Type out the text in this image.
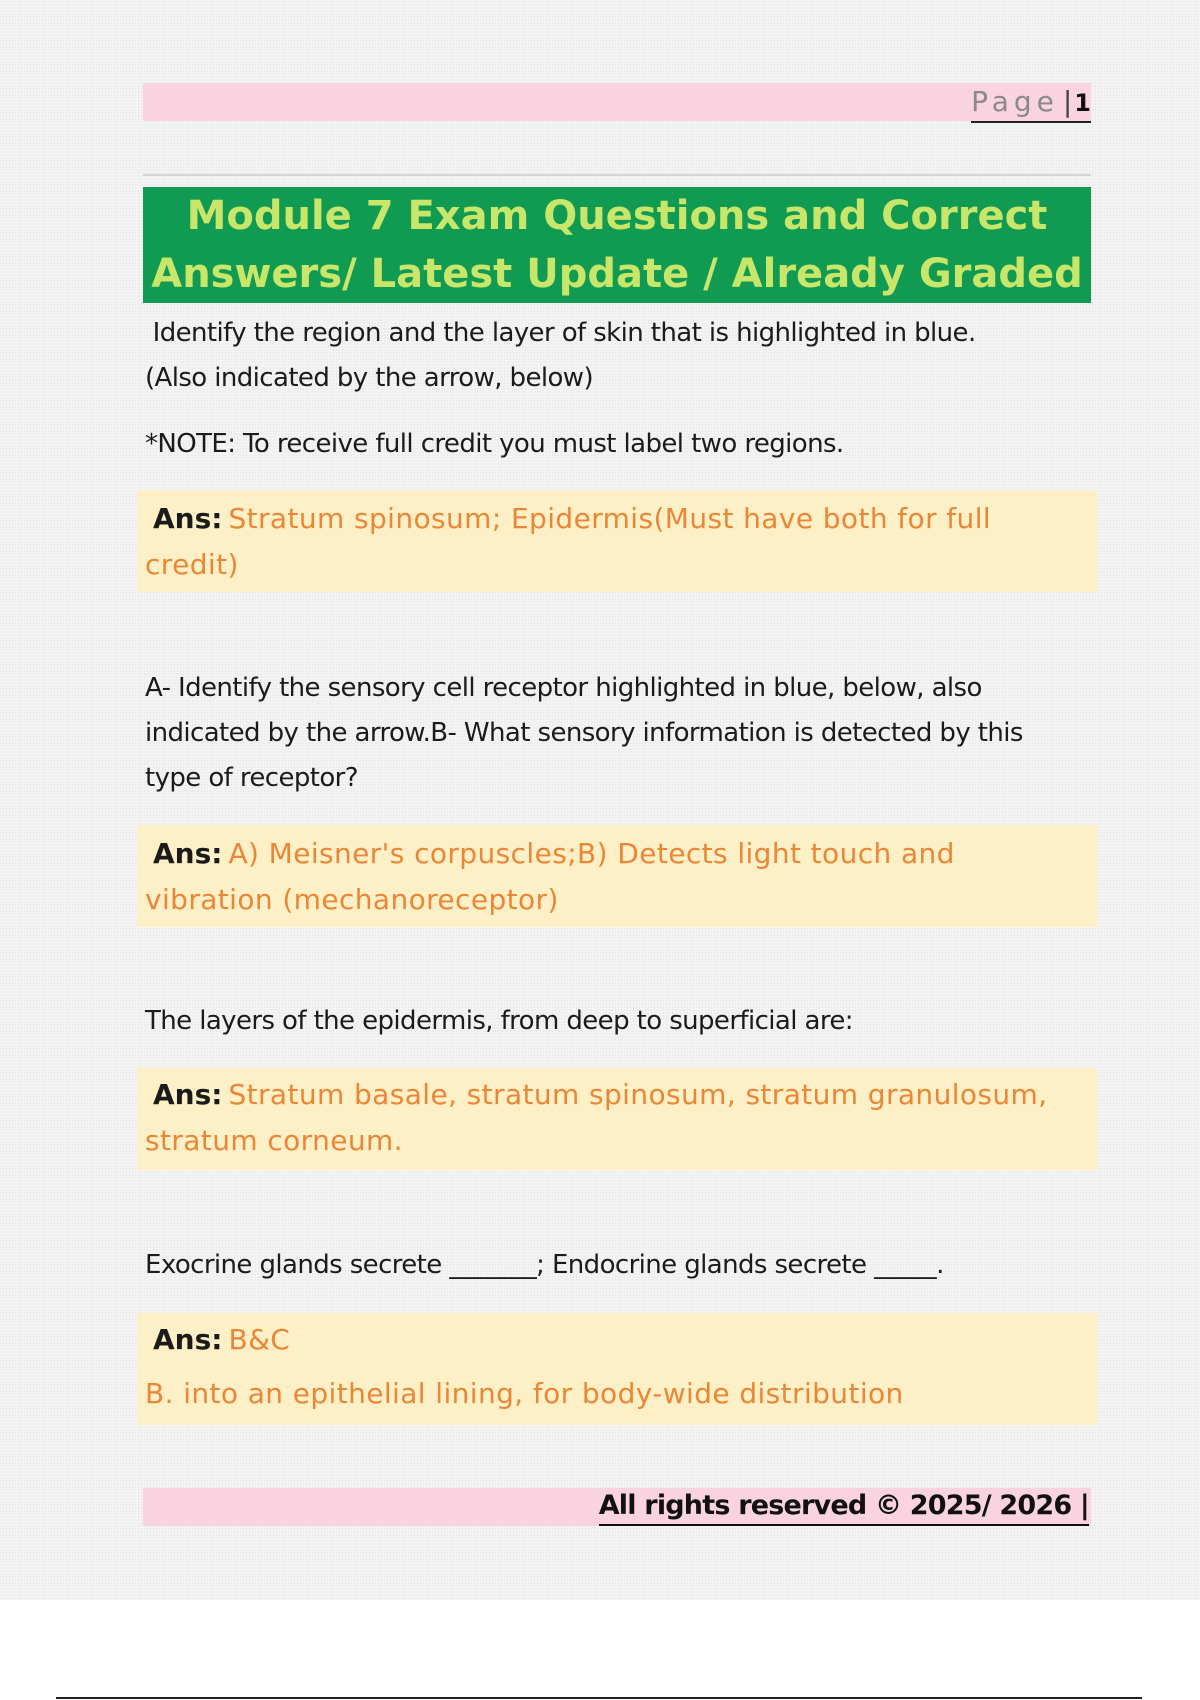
Page |1
Module 7 Exam Questions and Correct
Answers/ Latest Update / Already Graded
Identify the region and the layer of skin that is highlighted in blue.
(Also indicated by the arrow, below)
*NOTE: To receive full credit you must label two regions.
Ans: Stratum spinosum; Epidermis(Must have both for full
credit)
A- Identify the sensory cell receptor highlighted in blue, below, also
indicated by the arrow.B- What sensory information is detected by this
type of receptor?
Ans: A) Meisner's corpuscles;B) Detects light touch and
vibration (mechanoreceptor)
The layers of the epidermis, from deep to superficial are:
Ans: Stratum basale, stratum spinosum, stratum granulosum,
stratum corneum.
Exocrine glands secrete _______; Endocrine glands secrete _____.
Ans: B&C
B. into an epithelial lining, for body-wide distribution
All rights reserved © 2025/ 2026 |
